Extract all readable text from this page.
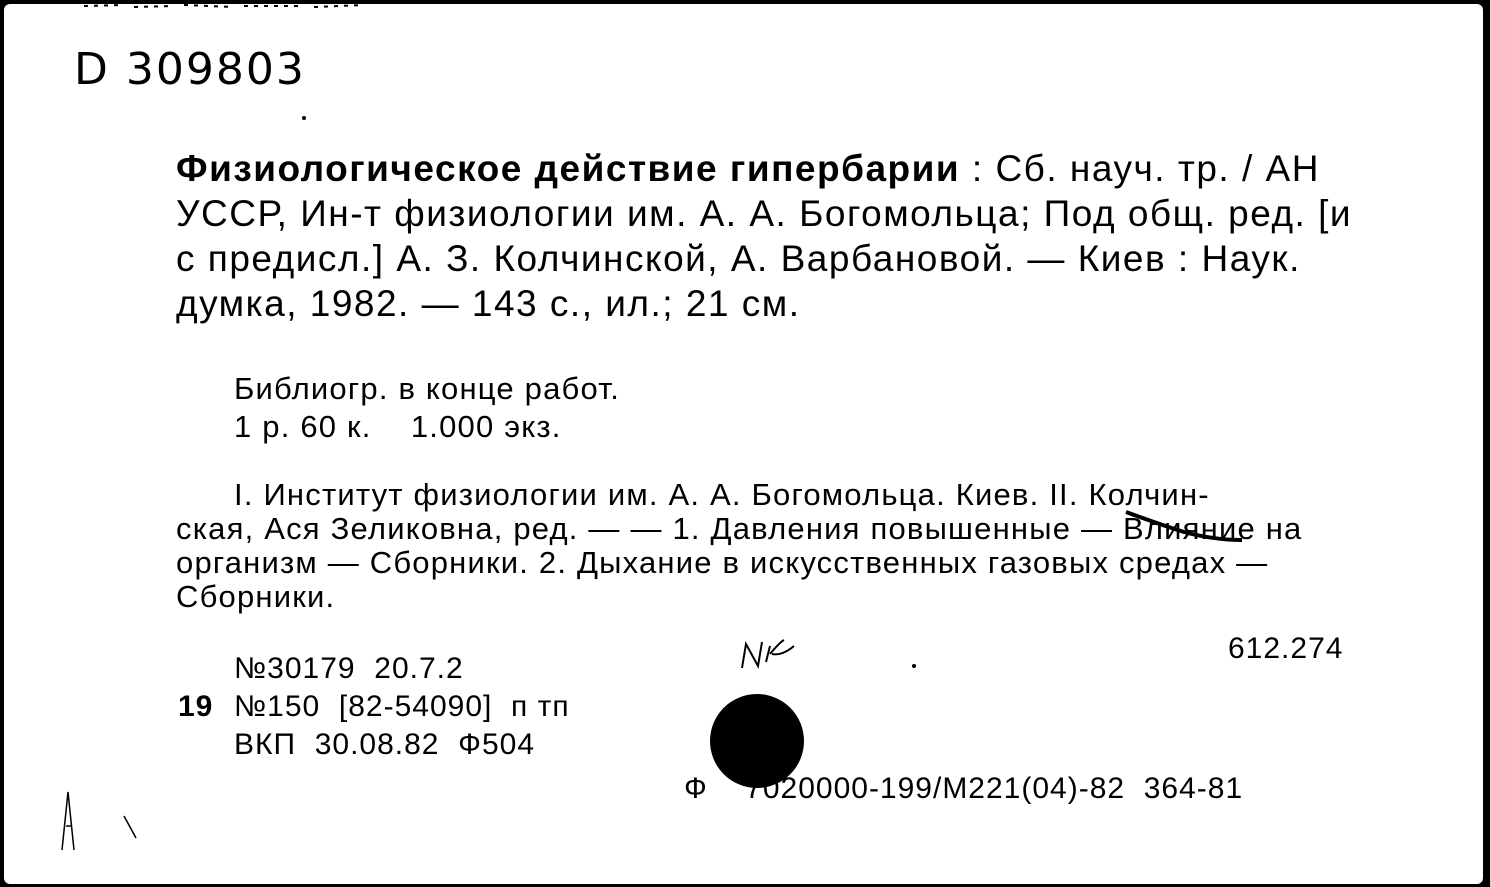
D 309803
Физиологическое действие гипербарии : Сб. науч. тр. / АН УССР, Ин-т физиологии им. А. А. Богомольца; Под общ. ред. [и с предисл.] А. З. Колчинской, А. Варбановой. — Киев : Наук. думка, 1982. — 143 с., ил.; 21 см.
Библиогр. в конце работ.
1 р. 60 к.    1.000 экз.
I. Институт физиологии им. А. А. Богомольца. Киев. II. Колчин-
ская, Ася Зеликовна, ред. — — 1. Давления повышенные — Влияние на организм — Сборники. 2. Дыхание в искусственных газовых средах — Сборники.
612.274
№30179  20.7.2
19 №150  [82-54090]  п тп
ВКП  30.08.82  Ф504
Ф    7020000-199/М221(04)-82  364-81
